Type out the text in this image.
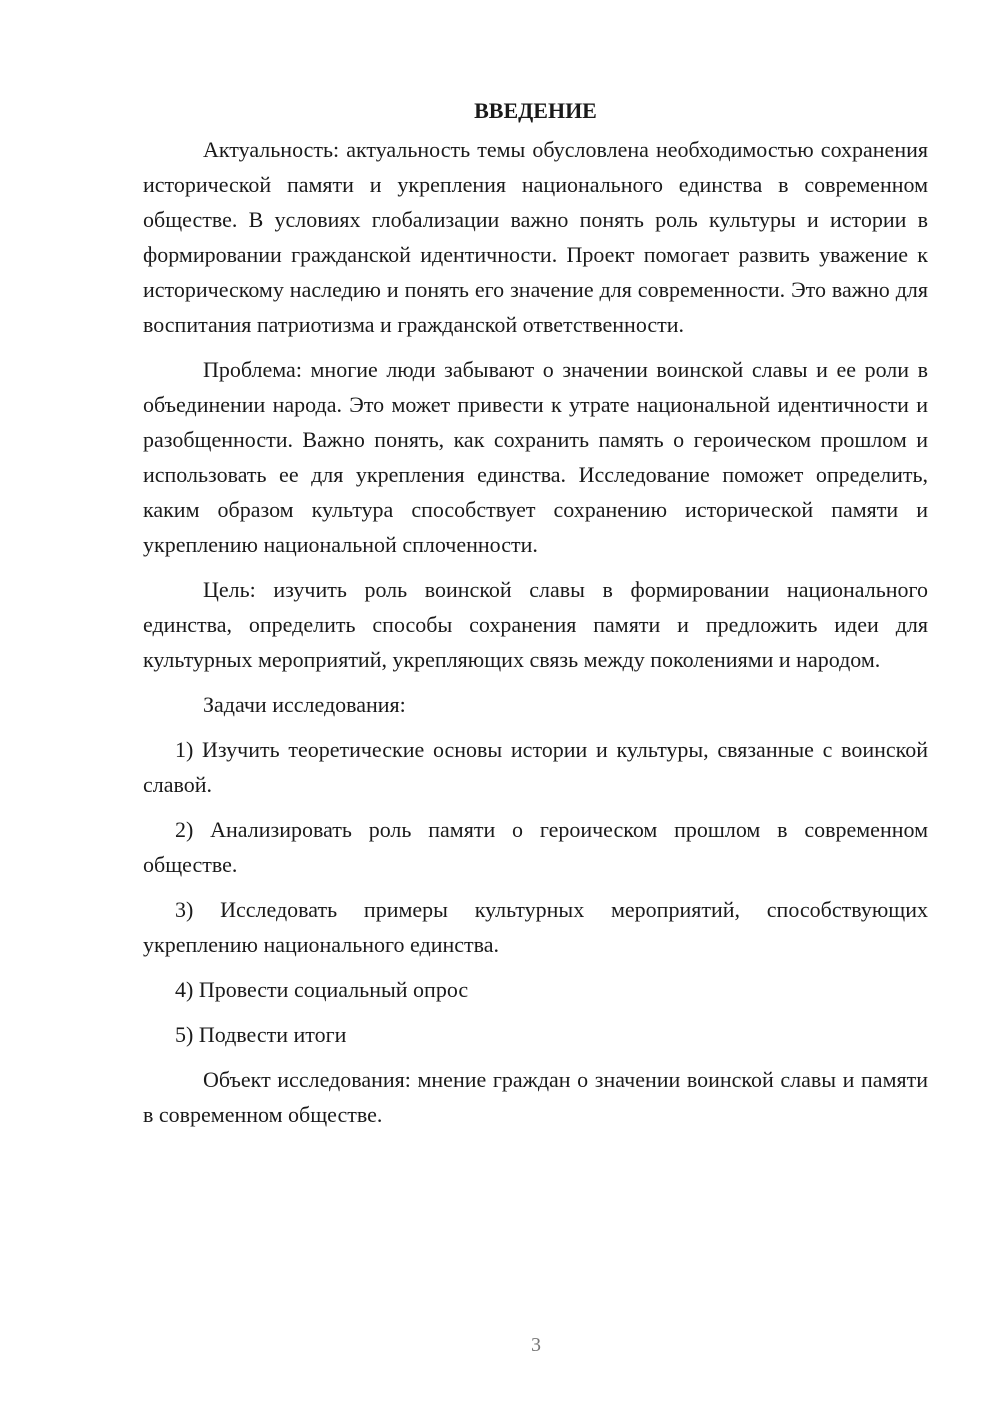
ВВЕДЕНИЕ

Актуальность: актуальность темы обусловлена необходимостью сохранения исторической памяти и укрепления национального единства в современном обществе. В условиях глобализации важно понять роль культуры и истории в формировании гражданской идентичности. Проект помогает развить уважение к историческому наследию и понять его значение для современности. Это важно для воспитания патриотизма и гражданской ответственности.

Проблема: многие люди забывают о значении воинской славы и ее роли в объединении народа. Это может привести к утрате национальной идентичности и разобщенности. Важно понять, как сохранить память о героическом прошлом и использовать ее для укрепления единства. Исследование поможет определить, каким образом культура способствует сохранению исторической памяти и укреплению национальной сплоченности.

Цель: изучить роль воинской славы в формировании национального единства, определить способы сохранения памяти и предложить идеи для культурных мероприятий, укрепляющих связь между поколениями и народом.

Задачи исследования:

1) Изучить теоретические основы истории и культуры, связанные с воинской славой.

2) Анализировать роль памяти о героическом прошлом в современном обществе.

3) Исследовать примеры культурных мероприятий, способствующих укреплению национального единства.

4) Провести социальный опрос

5) Подвести итоги

Объект исследования: мнение граждан о значении воинской славы и памяти в современном обществе.

3
